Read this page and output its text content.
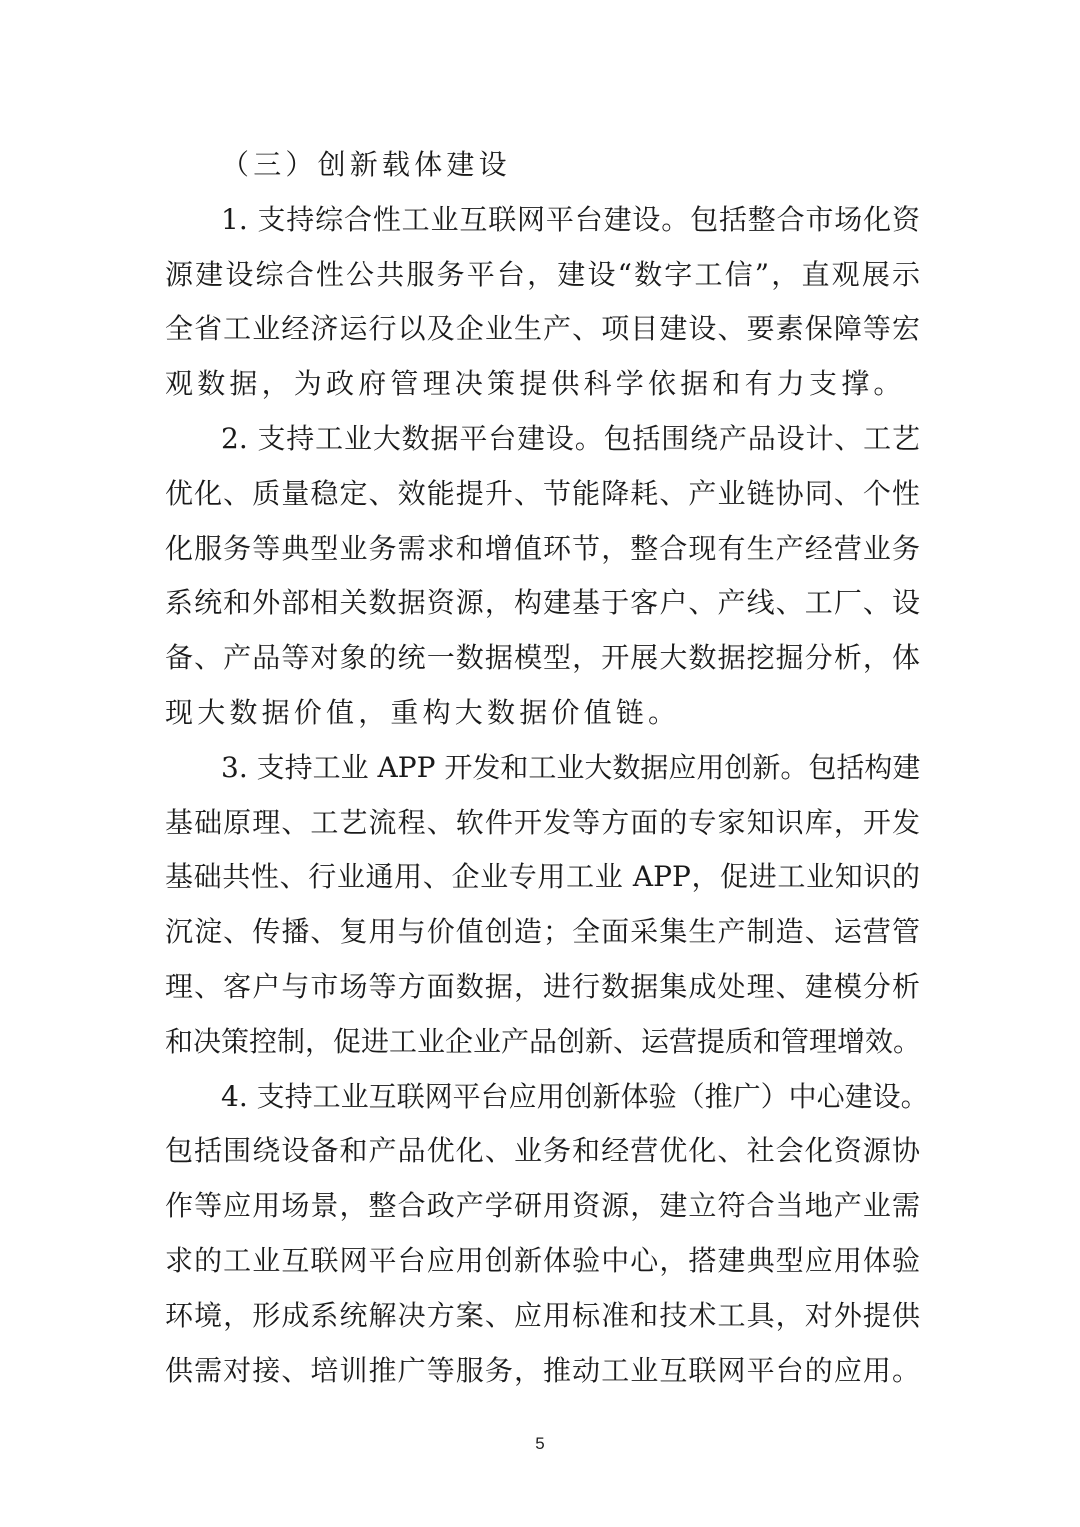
（三）创新载体建设
1. 支持综合性工业互联网平台建设。包括整合市场化资
源建设综合性公共服务平台，建设“数字工信”，直观展示
全省工业经济运行以及企业生产、项目建设、要素保障等宏
观数据，为政府管理决策提供科学依据和有力支撑。
2. 支持工业大数据平台建设。包括围绕产品设计、工艺
优化、质量稳定、效能提升、节能降耗、产业链协同、个性
化服务等典型业务需求和增值环节，整合现有生产经营业务
系统和外部相关数据资源，构建基于客户、产线、工厂、设
备、产品等对象的统一数据模型，开展大数据挖掘分析，体
现大数据价值，重构大数据价值链。
3. 支持工业 APP 开发和工业大数据应用创新。包括构建
基础原理、工艺流程、软件开发等方面的专家知识库，开发
基础共性、行业通用、企业专用工业 APP，促进工业知识的
沉淀、传播、复用与价值创造；全面采集生产制造、运营管
理、客户与市场等方面数据，进行数据集成处理、建模分析
和决策控制，促进工业企业产品创新、运营提质和管理增效。
4. 支持工业互联网平台应用创新体验（推广）中心建设。
包括围绕设备和产品优化、业务和经营优化、社会化资源协
作等应用场景，整合政产学研用资源，建立符合当地产业需
求的工业互联网平台应用创新体验中心，搭建典型应用体验
环境，形成系统解决方案、应用标准和技术工具，对外提供
供需对接、培训推广等服务，推动工业互联网平台的应用。
5
